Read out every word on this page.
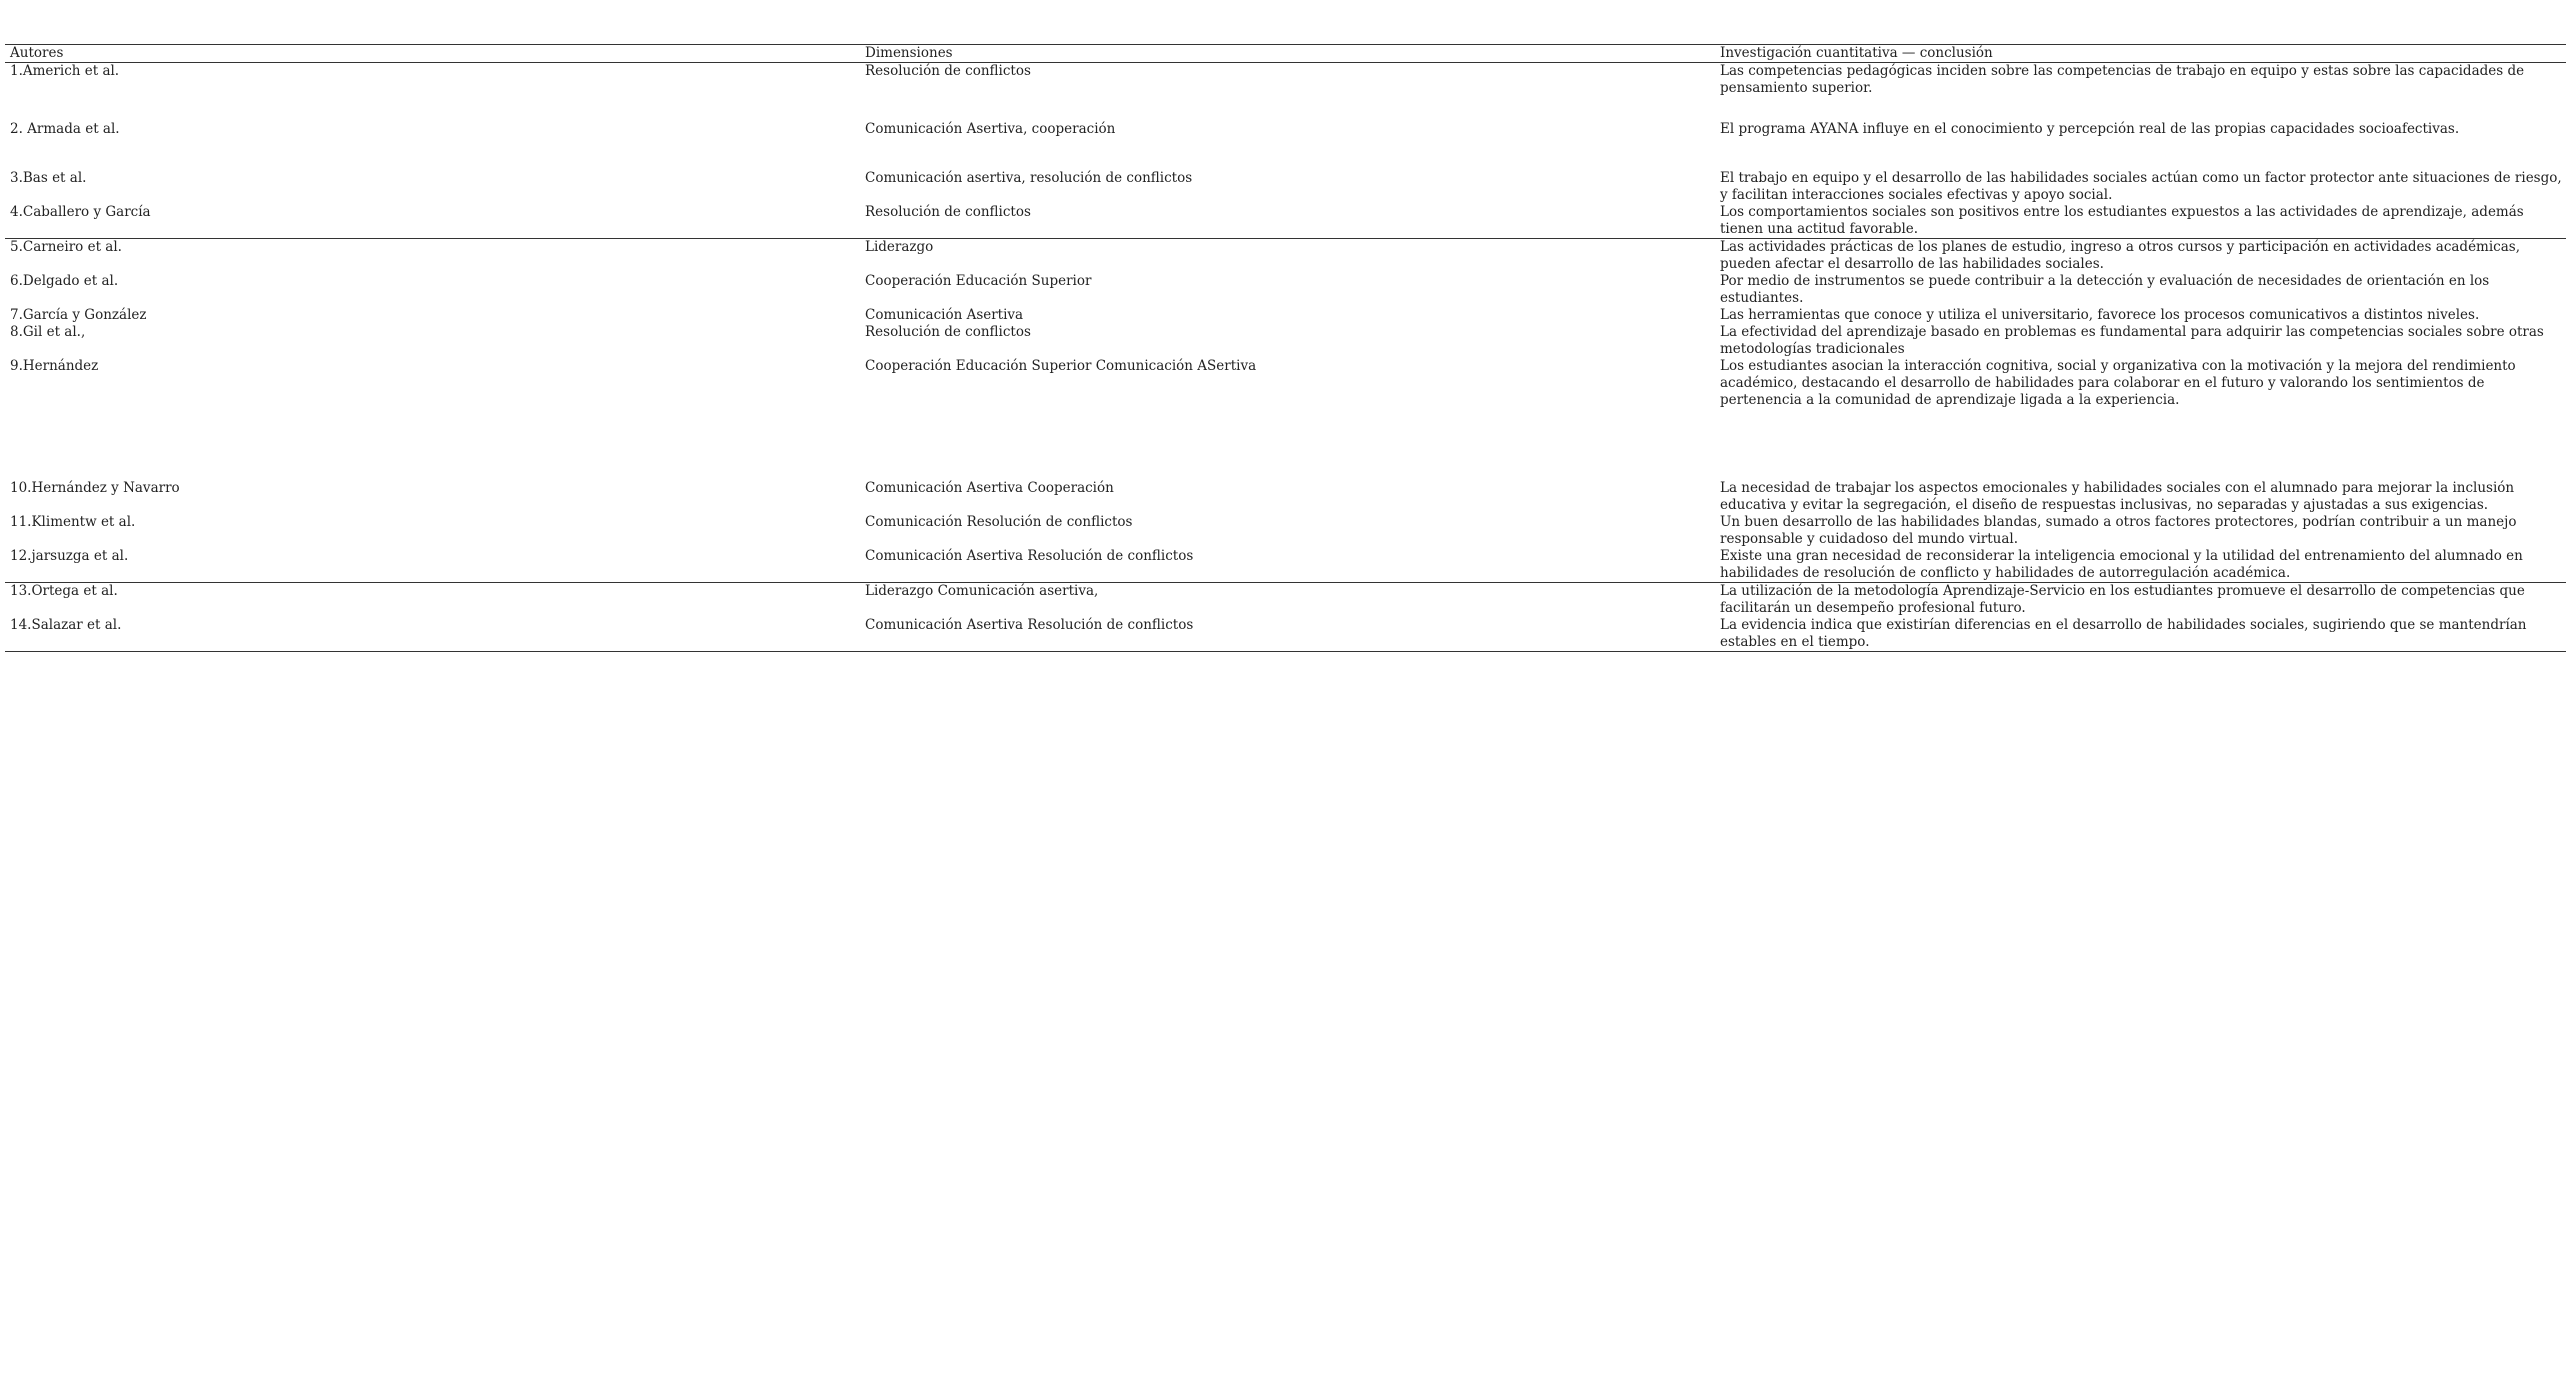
Autores	Dimensiones	Investigación cuantitativa — conclusión
1.Americh et al.	Resolución de conflictos	Las competencias pedagógicas inciden sobre las competencias de trabajo en equipo y estas sobre las capacidades de pensamiento superior.
2. Armada et al.	Comunicación Asertiva, cooperación	El programa AYANA influye en el conocimiento y percepción real de las propias capacidades socioafectivas.
3.Bas et al.	Comunicación asertiva, resolución de conflictos	El trabajo en equipo y el desarrollo de las habilidades sociales actúan como un factor protector ante situaciones de riesgo, y facilitan interacciones sociales efectivas y apoyo social.
4.Caballero y García	Resolución de conflictos	Los comportamientos sociales son positivos entre los estudiantes expuestos a las actividades de aprendizaje, además tienen una actitud favorable.
5.Carneiro et al.	Liderazgo	Las actividades prácticas de los planes de estudio, ingreso a otros cursos y participación en actividades académicas, pueden afectar el desarrollo de las habilidades sociales.
6.Delgado et al.	Cooperación Educación Superior	Por medio de instrumentos se puede contribuir a la detección y evaluación de necesidades de orientación en los estudiantes.
7.García y González	Comunicación Asertiva	Las herramientas que conoce y utiliza el universitario, favorece los procesos comunicativos a distintos niveles.
8.Gil et al.,	Resolución de conflictos	La efectividad del aprendizaje basado en problemas es fundamental para adquirir las competencias sociales sobre otras metodologías tradicionales
9.Hernández	Cooperación Educación Superior Comunicación ASertiva	Los estudiantes asocian la interacción cognitiva, social y organizativa con la motivación y la mejora del rendimiento académico, destacando el desarrollo de habilidades para colaborar en el futuro y valorando los sentimientos de pertenencia a la comunidad de aprendizaje ligada a la experiencia.
10.Hernández y Navarro	Comunicación Asertiva Cooperación	La necesidad de trabajar los aspectos emocionales y habilidades sociales con el alumnado para mejorar la inclusión educativa y evitar la segregación, el diseño de respuestas inclusivas, no separadas y ajustadas a sus exigencias.
11.Klimentw et al.	Comunicación Resolución de conflictos	Un buen desarrollo de las habilidades blandas, sumado a otros factores protectores, podrían contribuir a un manejo responsable y cuidadoso del mundo virtual.
12.jarsuzga et al.	Comunicación Asertiva Resolución de conflictos	Existe una gran necesidad de reconsiderar la inteligencia emocional y la utilidad del entrenamiento del alumnado en habilidades de resolución de conflicto y habilidades de autorregulación académica.
13.Ortega et al.	Liderazgo Comunicación asertiva,	La utilización de la metodología Aprendizaje-Servicio en los estudiantes promueve el desarrollo de competencias que facilitarán un desempeño profesional futuro.
14.Salazar et al.	Comunicación Asertiva Resolución de conflictos	La evidencia indica que existirían diferencias en el desarrollo de habilidades sociales, sugiriendo que se mantendrían estables en el tiempo.
